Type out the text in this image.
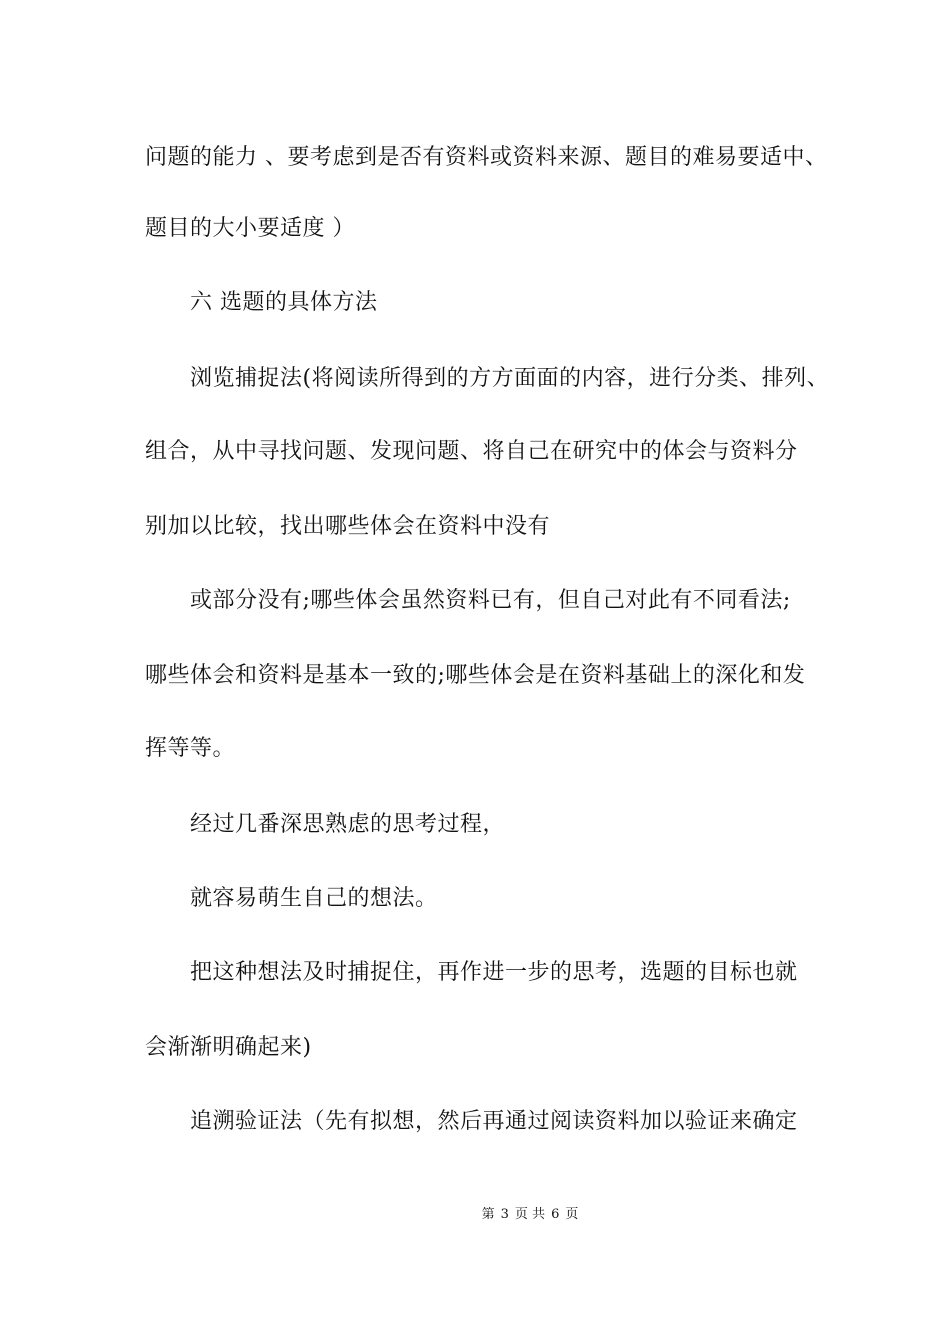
问题的能力 、要考虑到是否有资料或资料来源、题目的难易要适中、
题目的大小要适度 ）
六 选题的具体方法
浏览捕捉法(将阅读所得到的方方面面的内容，进行分类、排列、
组合，从中寻找问题、发现问题、将自己在研究中的体会与资料分
别加以比较，找出哪些体会在资料中没有
或部分没有;哪些体会虽然资料已有，但自己对此有不同看法;
哪些体会和资料是基本一致的;哪些体会是在资料基础上的深化和发
挥等等。
经过几番深思熟虑的思考过程，
就容易萌生自己的想法。
把这种想法及时捕捉住，再作进一步的思考，选题的目标也就
会渐渐明确起来)
追溯验证法（先有拟想，然后再通过阅读资料加以验证来确定
第 3 页 共 6 页
